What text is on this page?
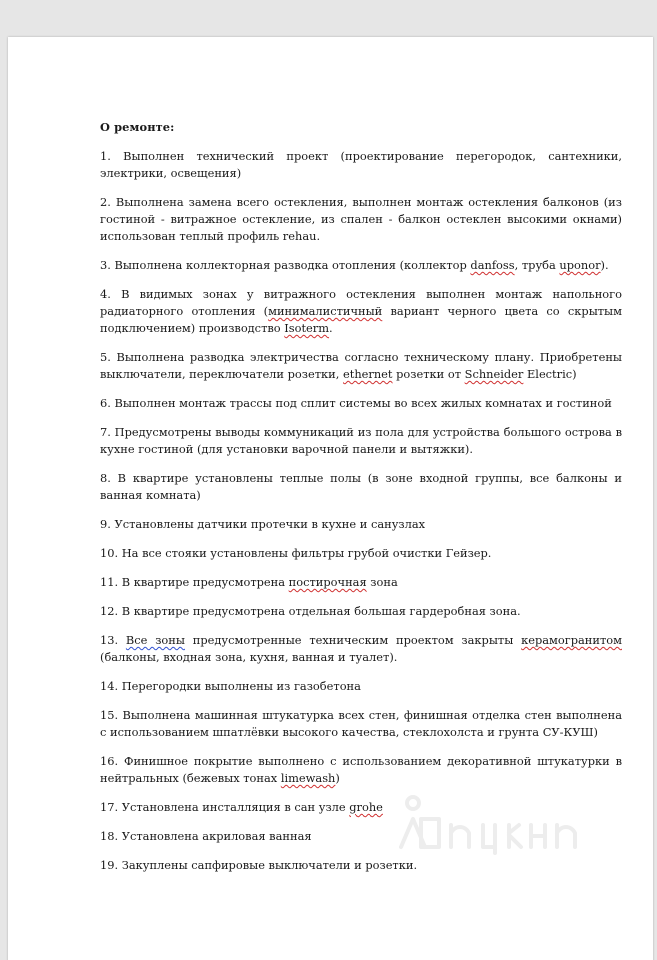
О ремонте:

1. Выполнен технический проект (проектирование перегородок, сантехники, электрики, освещения)

2. Выполнена замена всего остекления, выполнен монтаж остекления балконов (из гостиной - витражное остекление, из спален - балкон остеклен высокими окнами) использован теплый профиль rehau.

3. Выполнена коллекторная разводка отопления (коллектор danfoss, труба uponor).

4. В видимых зонах у витражного остекления выполнен монтаж напольного радиаторного отопления (минималистичный вариант черного цвета со скрытым подключением) производство Isoterm.

5. Выполнена разводка электричества согласно техническому плану. Приобретены выключатели, переключатели розетки, ethernet розетки от Schneider Electric)

6. Выполнен монтаж трассы под сплит системы во всех жилых комнатах и гостиной

7. Предусмотрены выводы коммуникаций из пола для устройства большого острова в кухне гостиной (для установки варочной панели и вытяжки).

8. В квартире установлены теплые полы (в зоне входной группы, все балконы и ванная комната)

9. Установлены датчики протечки в кухне и санузлах

10. На все стояки установлены фильтры грубой очистки Гейзер.

11. В квартире предусмотрена постирочная зона

12. В квартире предусмотрена отдельная большая гардеробная зона.

13. Все зоны предусмотренные техническим проектом закрыты керамогранитом (балконы, входная зона, кухня, ванная и туалет).

14. Перегородки выполнены из газобетона

15. Выполнена машинная штукатурка всех стен, финишная отделка стен выполнена с использованием шпатлёвки высокого качества, стеклохолста и грунта СУ-КУШ)

16. Финишное покрытие выполнено с использованием декоративной штукатурки в нейтральных (бежевых тонах limewash)

17. Установлена инсталляция в сан узле grohe

18. Установлена акриловая ванная

19. Закуплены сапфировые выключатели и розетки.
